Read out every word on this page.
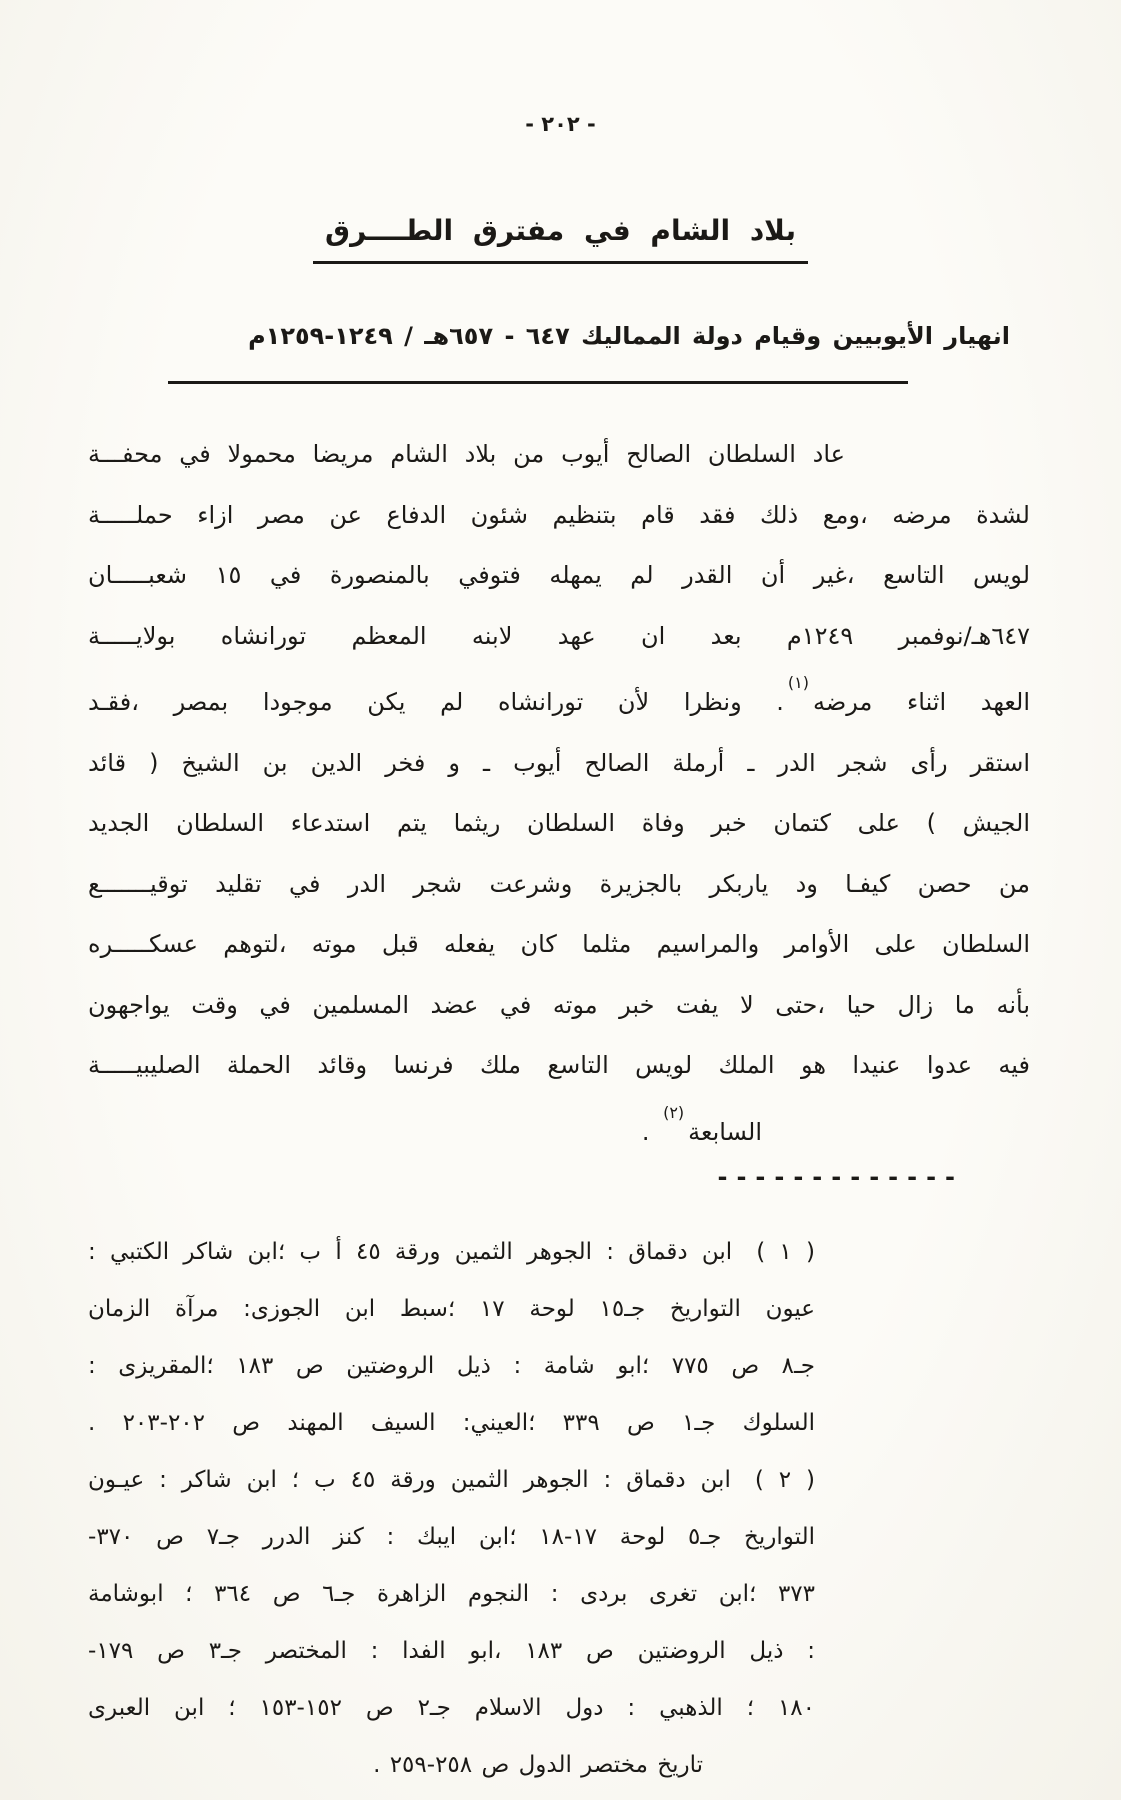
- ٢٠٢ -
بلاد الشام في مفترق الطــــرق
انهيار الأيوبيين وقيام دولة المماليك ٦٤٧ - ٦٥٧هـ / ١٢٤٩-١٢٥٩م
عاد السلطان الصالح أيوب من بلاد الشام مريضا محمولا في محفـــة
لشدة مرضه ،ومع ذلك فقد قام بتنظيم شئون الدفاع عن مصر ازاء حملـــــة
لويس التاسع ،غير أن القدر لم يمهله فتوفي بالمنصورة في ١٥ شعبـــــان
٦٤٧هـ/نوفمبر ١٢٤٩م بعد ان عهد لابنه المعظم تورانشاه بولايـــــة
العهد اثناء مرضه$^{(١)}$. ونظرا لأن تورانشاه لم يكن موجودا بمصر ،فقـد
استقر رأى شجر الدر ـ أرملة الصالح أيوب ـ و فخر الدين بن الشيخ ( قائد
الجيش ) على كتمان خبر وفاة السلطان ريثما يتم استدعاء السلطان الجديد
من حصن كيفـا ود ياربكر بالجزيرة وشرعت شجر الدر في تقليد توقيـــــــع
السلطان على الأوامر والمراسيم مثلما كان يفعله قبل موته ،لتوهم عسكـــــره
بأنه ما زال حيا ،حتى لا يفت خبر موته في عضد المسلمين في وقت يواجهون
فيه عدوا عنيدا هو الملك لويس التاسع ملك فرنسا وقائد الحملة الصليبيـــــة
السابعة$^{(٢)}$ .
-------------
( ١ )ابن دقماق : الجوهر الثمين ورقة ٤٥ أ ب ؛ابن شاكر الكتبي :
عيون التواريخ جـ١٥ لوحة ١٧ ؛سبط ابن الجوزى: مرآة الزمان
جـ٨ ص ٧٧٥ ؛ابو شامة : ذيل الروضتين ص ١٨٣ ؛المقريزى :
السلوك جـ١ ص ٣٣٩ ؛العيني: السيف المهند ص ٢٠٢-٢٠٣ .
( ٢ )ابن دقماق : الجوهر الثمين ورقة ٤٥ ب ؛ ابن شاكر : عيـون
التواريخ جـ٥ لوحة ١٧-١٨ ؛ابن ايبك : كنز الدرر جـ٧ ص ٣٧٠-
٣٧٣ ؛ابن تغرى بردى : النجوم الزاهرة جـ٦ ص ٣٦٤ ؛ ابوشامة
: ذيل الروضتين ص ١٨٣ ،ابو الفدا : المختصر جـ٣ ص ١٧٩-
١٨٠ ؛ الذهبي : دول الاسلام جـ٢ ص ١٥٢-١٥٣ ؛ ابن العبرى
تاريخ مختصر الدول ص ٢٥٨-٢٥٩ .
